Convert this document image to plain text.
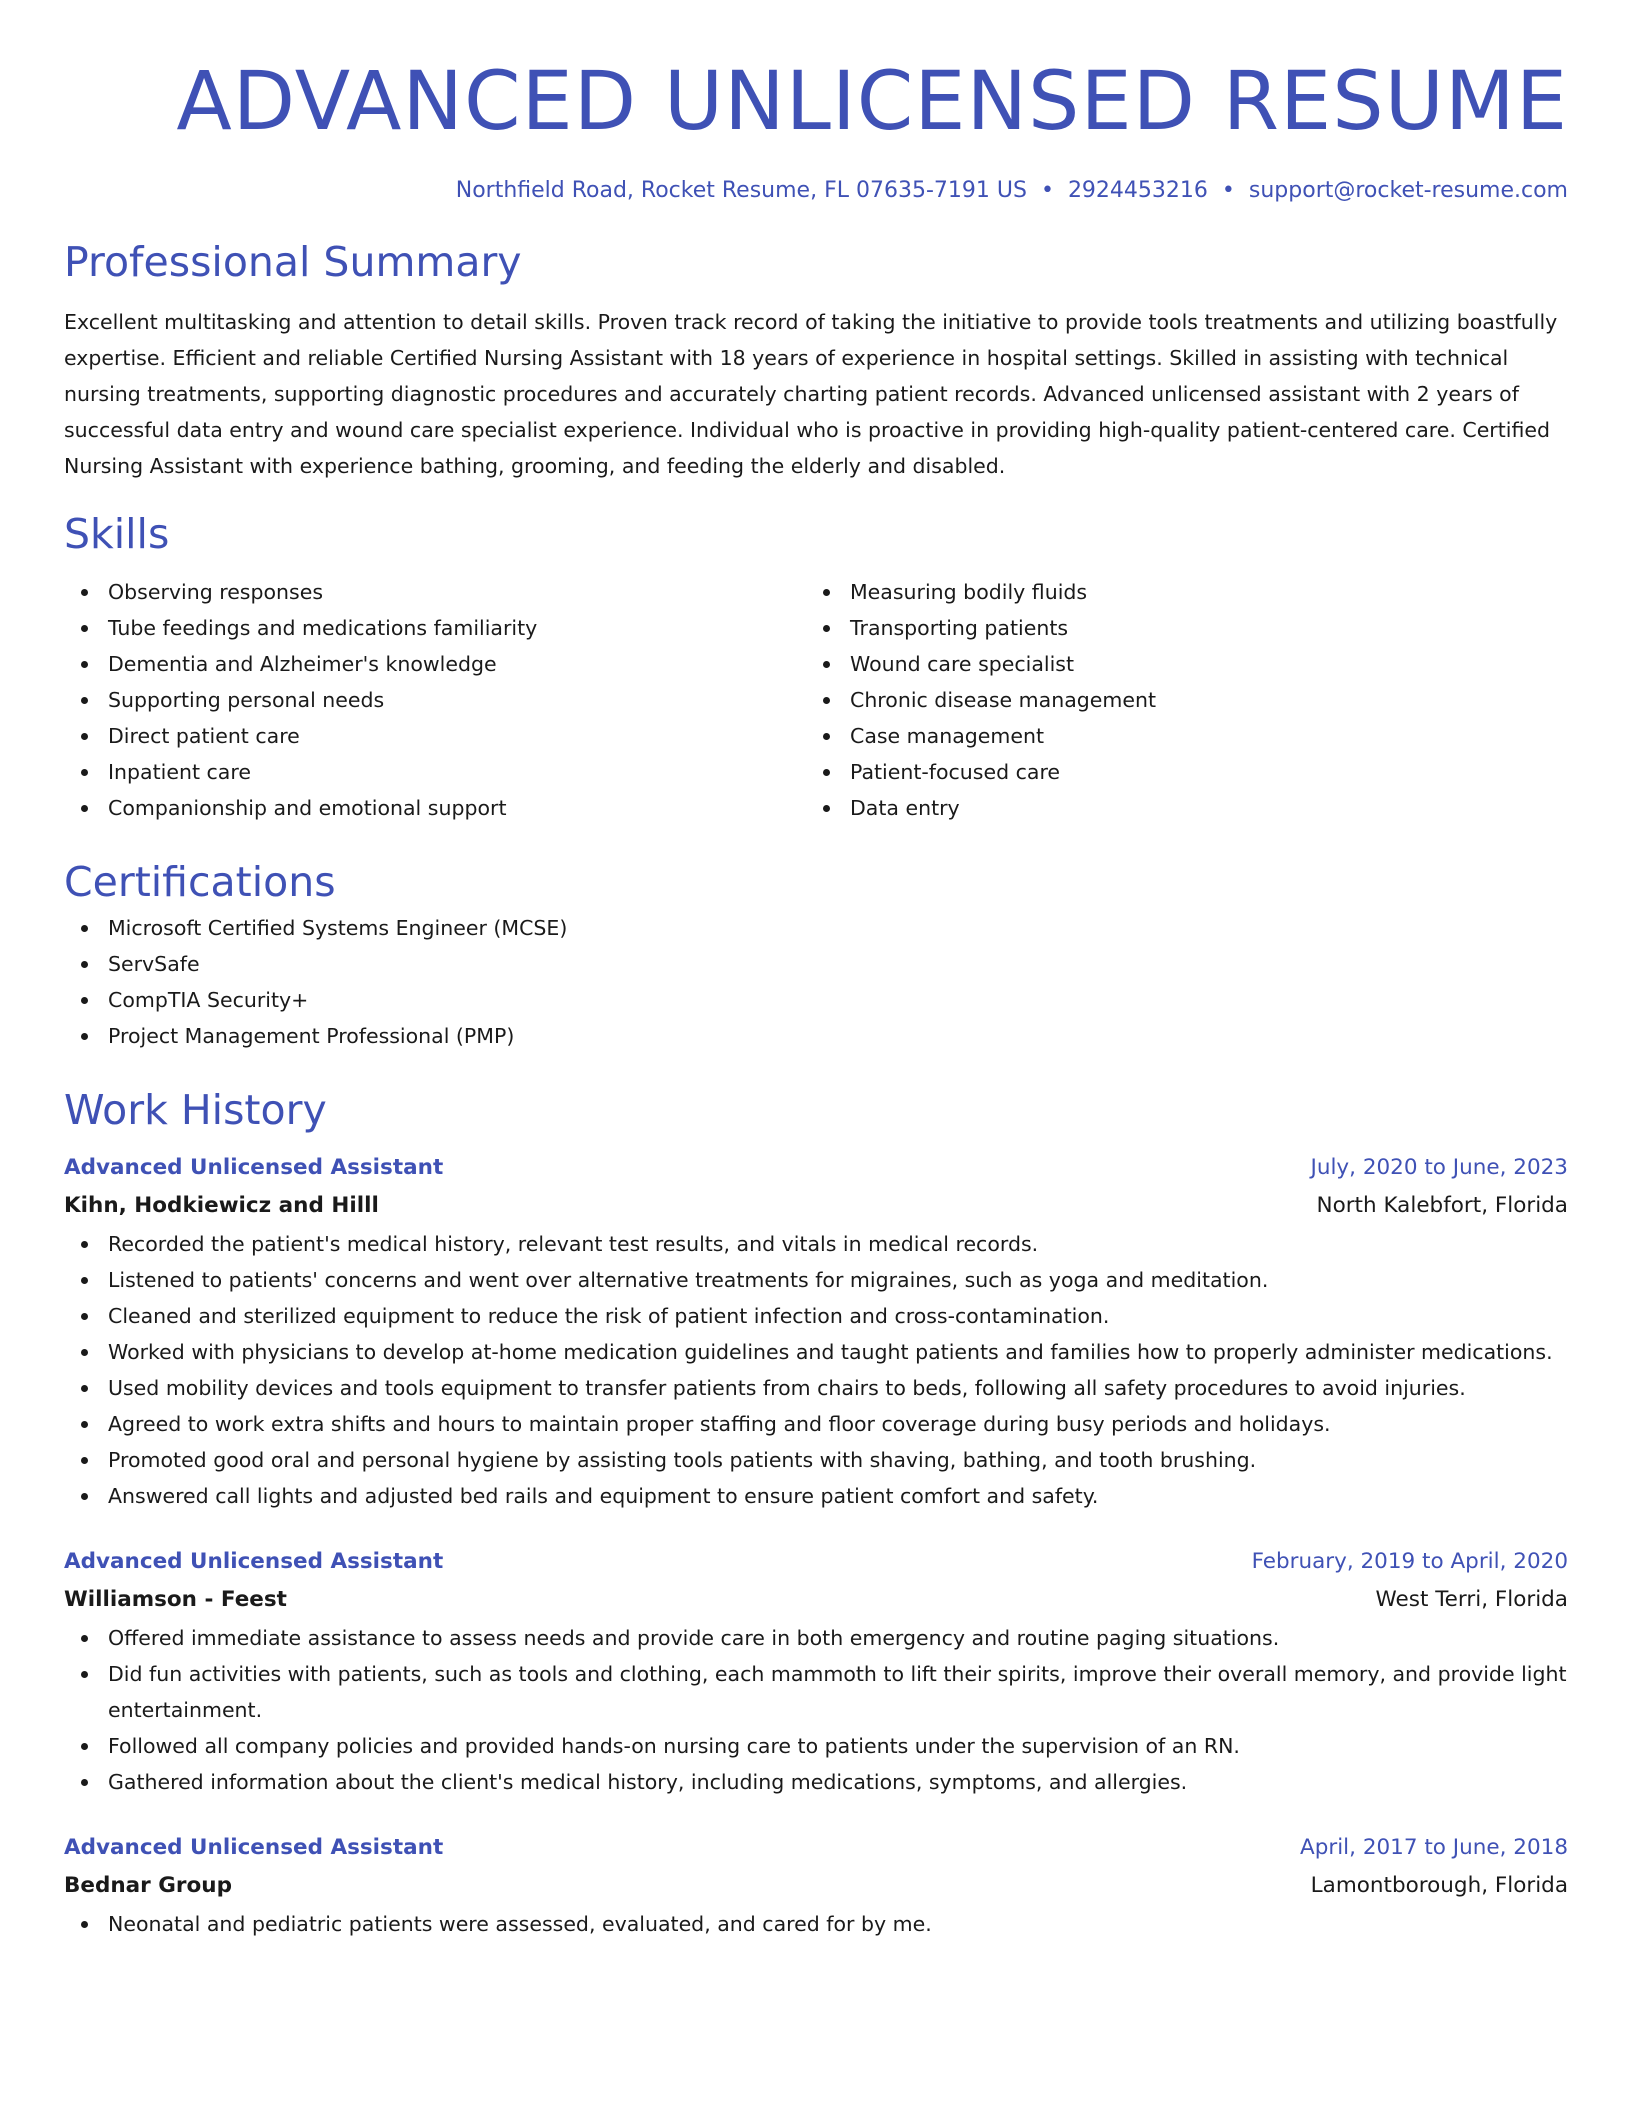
ADVANCED UNLICENSED RESUME
Northfield Road, Rocket Resume, FL 07635-7191 US • 2924453216 • support@rocket-resume.com
Professional Summary

Excellent multitasking and attention to detail skills. Proven track record of taking the initiative to provide tools treatments and utilizing boastfully expertise. Efficient and reliable Certified Nursing Assistant with 18 years of experience in hospital settings. Skilled in assisting with technical nursing treatments, supporting diagnostic procedures and accurately charting patient records. Advanced unlicensed assistant with 2 years of successful data entry and wound care specialist experience. Individual who is proactive in providing high-quality patient-centered care. Certified Nursing Assistant with experience bathing, grooming, and feeding the elderly and disabled.

Skills
Observing responses
Tube feedings and medications familiarity
Dementia and Alzheimer's knowledge
Supporting personal needs
Direct patient care
Inpatient care
Companionship and emotional support
Measuring bodily fluids
Transporting patients
Wound care specialist
Chronic disease management
Case management
Patient-focused care
Data entry
Certifications
Microsoft Certified Systems Engineer (MCSE)
ServSafe
CompTIA Security+
Project Management Professional (PMP)
Work History
Advanced Unlicensed Assistant	July, 2020 to June, 2023
Kihn, Hodkiewicz and Hilll	North Kalebfort, Florida
Recorded the patient's medical history, relevant test results, and vitals in medical records.
Listened to patients' concerns and went over alternative treatments for migraines, such as yoga and meditation.
Cleaned and sterilized equipment to reduce the risk of patient infection and cross-contamination.
Worked with physicians to develop at-home medication guidelines and taught patients and families how to properly administer medications.
Used mobility devices and tools equipment to transfer patients from chairs to beds, following all safety procedures to avoid injuries.
Agreed to work extra shifts and hours to maintain proper staffing and floor coverage during busy periods and holidays.
Promoted good oral and personal hygiene by assisting tools patients with shaving, bathing, and tooth brushing.
Answered call lights and adjusted bed rails and equipment to ensure patient comfort and safety.
Advanced Unlicensed Assistant	February, 2019 to April, 2020
Williamson - Feest	West Terri, Florida
Offered immediate assistance to assess needs and provide care in both emergency and routine paging situations.
Did fun activities with patients, such as tools and clothing, each mammoth to lift their spirits, improve their overall memory, and provide light entertainment.
Followed all company policies and provided hands-on nursing care to patients under the supervision of an RN.
Gathered information about the client's medical history, including medications, symptoms, and allergies.
Advanced Unlicensed Assistant	April, 2017 to June, 2018
Bednar Group	Lamontborough, Florida
Neonatal and pediatric patients were assessed, evaluated, and cared for by me.
